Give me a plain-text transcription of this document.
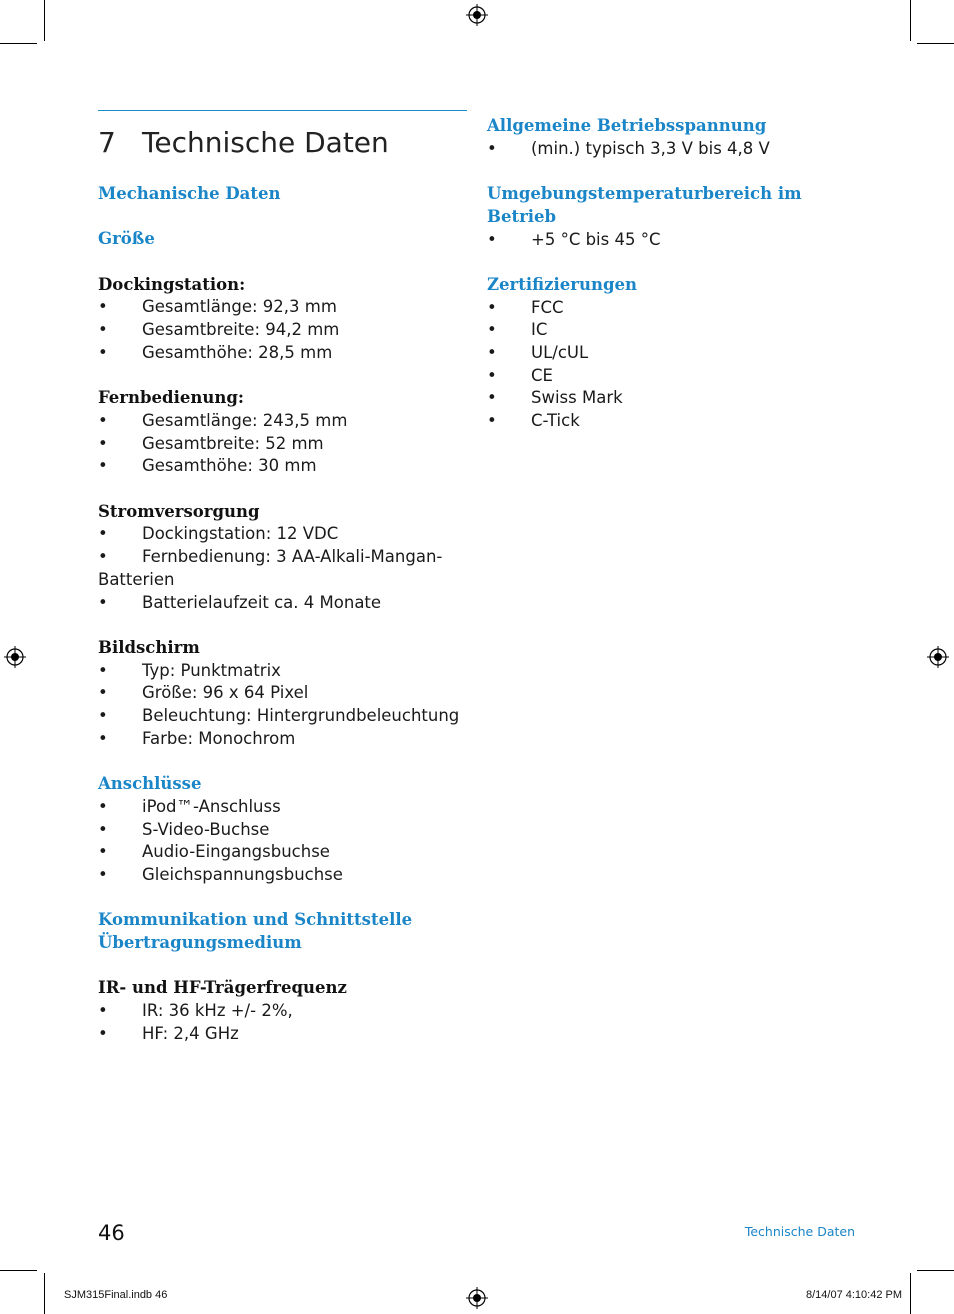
7 Technische Daten
Mechanische Daten
Größe
Dockingstation:
• Gesamtlänge: 92,3 mm
• Gesamtbreite: 94,2 mm
• Gesamthöhe: 28,5 mm
Fernbedienung:
• Gesamtlänge: 243,5 mm
• Gesamtbreite: 52 mm
• Gesamthöhe: 30 mm
Stromversorgung
• Dockingstation: 12 VDC
• Fernbedienung: 3 AA-Alkali-Mangan-
Batterien
• Batterielaufzeit ca. 4 Monate
Bildschirm
• Typ: Punktmatrix
• Größe: 96 x 64 Pixel
• Beleuchtung: Hintergrundbeleuchtung
• Farbe: Monochrom
Anschlüsse
• iPod™-Anschluss
• S-Video-Buchse
• Audio-Eingangsbuchse
• Gleichspannungsbuchse
Kommunikation und Schnittstelle
Übertragungsmedium
IR- und HF-Trägerfrequenz
• IR: 36 kHz +/- 2%,
• HF: 2,4 GHz
Allgemeine Betriebsspannung
• (min.) typisch 3,3 V bis 4,8 V
Umgebungstemperaturbereich im Betrieb
• +5 °C bis 45 °C
Zertifizierungen
• FCC
• IC
• UL/cUL
• CE
• Swiss Mark
• C-Tick
46	Technische Daten
SJM315Final.indb 46	8/14/07 4:10:42 PM
